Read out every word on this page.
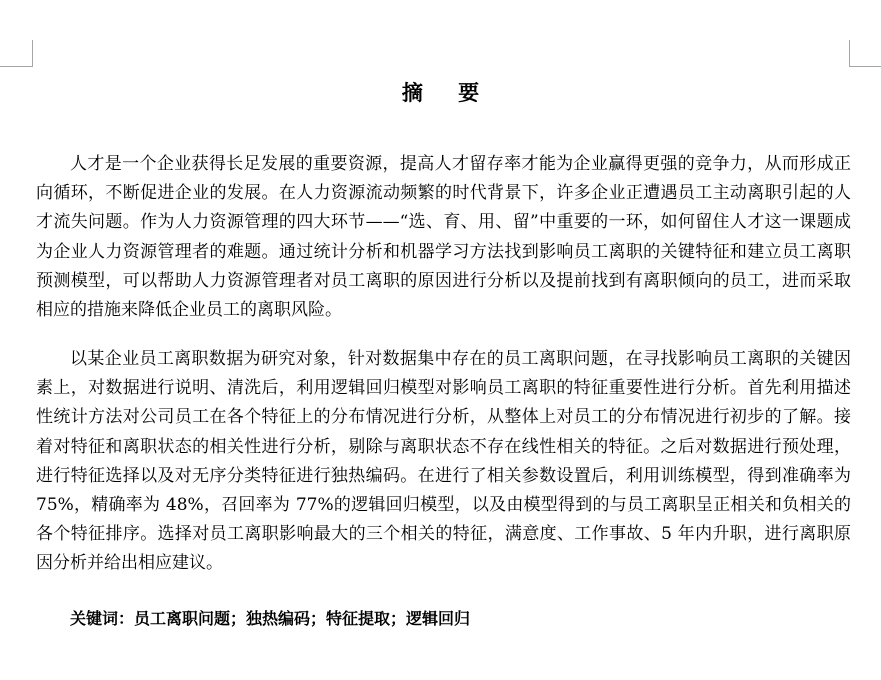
摘 要

人才是一个企业获得长足发展的重要资源，提高人才留存率才能为企业赢得更强的竞争力，从而形成正向循环，不断促进企业的发展。在人力资源流动频繁的时代背景下，许多企业正遭遇员工主动离职引起的人才流失问题。作为人力资源管理的四大环节——“选、育、用、留”中重要的一环，如何留住人才这一课题成为企业人力资源管理者的难题。通过统计分析和机器学习方法找到影响员工离职的关键特征和建立员工离职预测模型，可以帮助人力资源管理者对员工离职的原因进行分析以及提前找到有离职倾向的员工，进而采取相应的措施来降低企业员工的离职风险。

以某企业员工离职数据为研究对象，针对数据集中存在的员工离职问题，在寻找影响员工离职的关键因素上，对数据进行说明、清洗后，利用逻辑回归模型对影响员工离职的特征重要性进行分析。首先利用描述性统计方法对公司员工在各个特征上的分布情况进行分析，从整体上对员工的分布情况进行初步的了解。接着对特征和离职状态的相关性进行分析，剔除与离职状态不存在线性相关的特征。之后对数据进行预处理，进行特征选择以及对无序分类特征进行独热编码。在进行了相关参数设置后，利用训练模型，得到准确率为 75%，精确率为 48%，召回率为 77%的逻辑回归模型，以及由模型得到的与员工离职呈正相关和负相关的各个特征排序。选择对员工离职影响最大的三个相关的特征，满意度、工作事故、5 年内升职，进行离职原因分析并给出相应建议。

关键词：员工离职问题；独热编码；特征提取；逻辑回归
